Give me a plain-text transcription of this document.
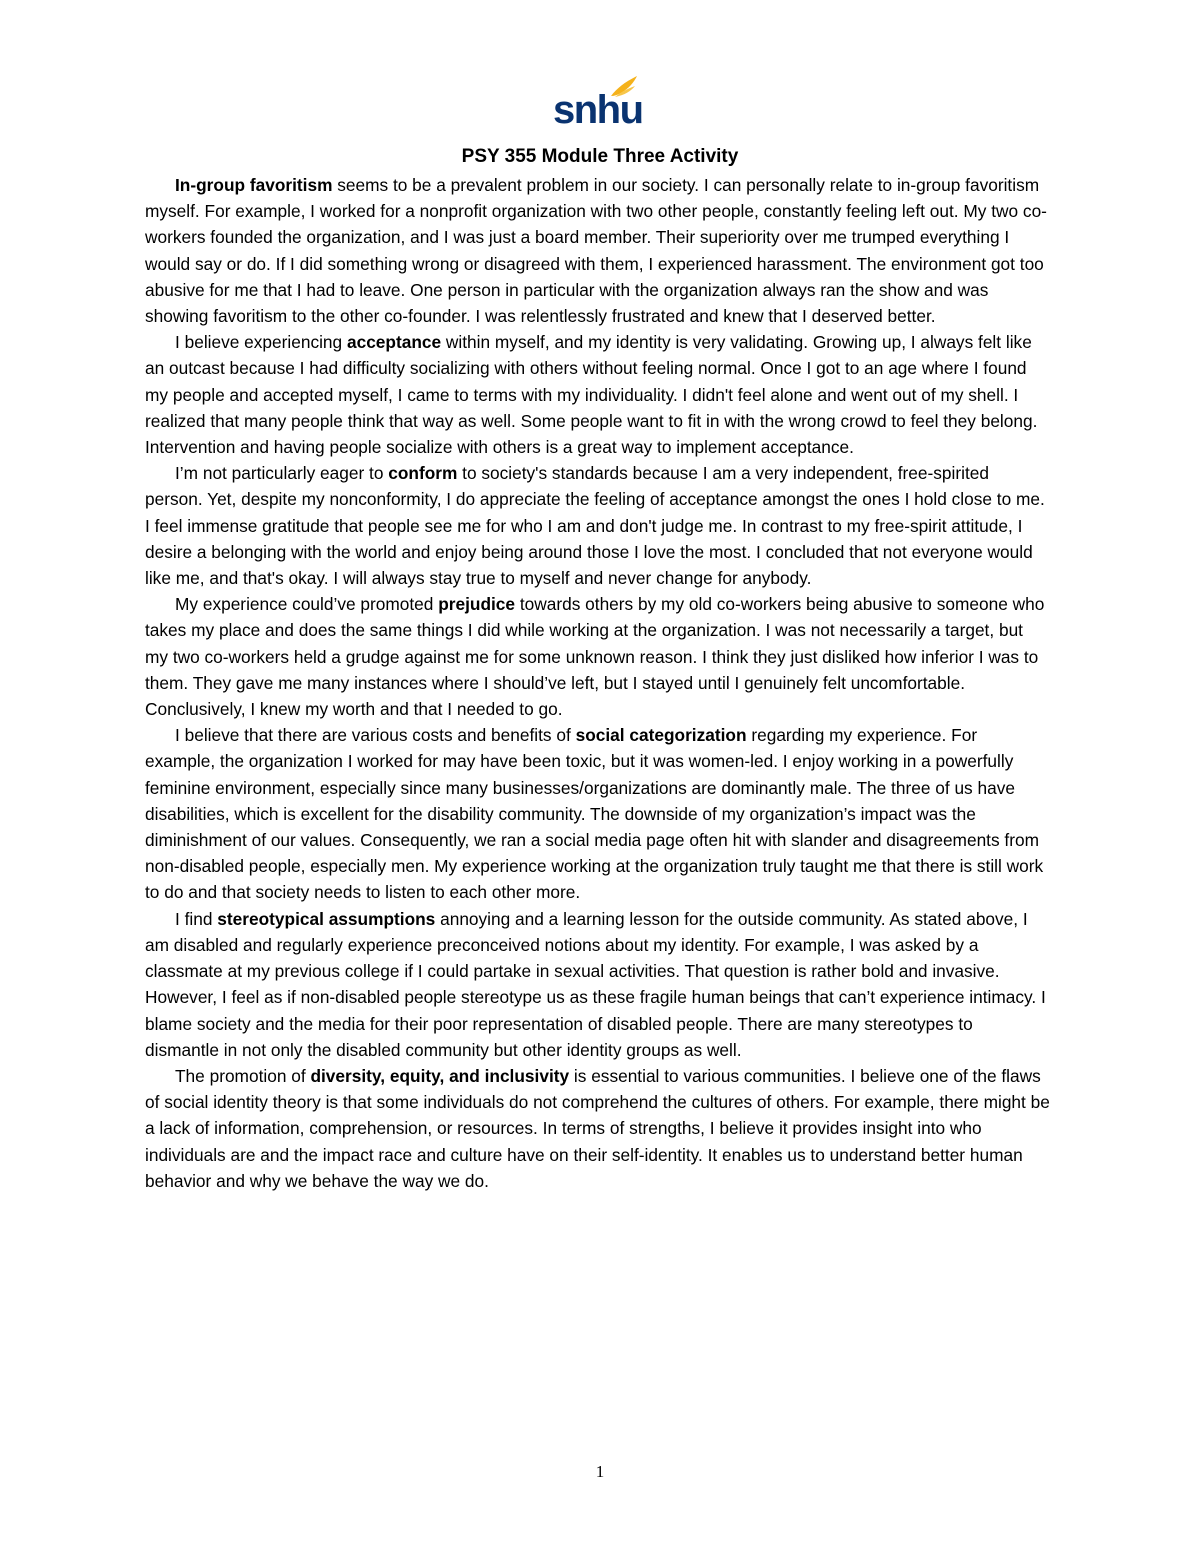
snhu
PSY 355 Module Three Activity

In-group favoritism seems to be a prevalent problem in our society. I can personally relate to in-group favoritism myself. For example, I worked for a nonprofit organization with two other people, constantly feeling left out. My two co-workers founded the organization, and I was just a board member. Their superiority over me trumped everything I would say or do. If I did something wrong or disagreed with them, I experienced harassment. The environment got too abusive for me that I had to leave. One person in particular with the organization always ran the show and was showing favoritism to the other co-founder. I was relentlessly frustrated and knew that I deserved better.

I believe experiencing acceptance within myself, and my identity is very validating. Growing up, I always felt like an outcast because I had difficulty socializing with others without feeling normal. Once I got to an age where I found my people and accepted myself, I came to terms with my individuality. I didn't feel alone and went out of my shell. I realized that many people think that way as well. Some people want to fit in with the wrong crowd to feel they belong. Intervention and having people socialize with others is a great way to implement acceptance.

I’m not particularly eager to conform to society's standards because I am a very independent, free-spirited person. Yet, despite my nonconformity, I do appreciate the feeling of acceptance amongst the ones I hold close to me. I feel immense gratitude that people see me for who I am and don't judge me. In contrast to my free-spirit attitude, I desire a belonging with the world and enjoy being around those I love the most. I concluded that not everyone would like me, and that's okay. I will always stay true to myself and never change for anybody.

My experience could’ve promoted prejudice towards others by my old co-workers being abusive to someone who takes my place and does the same things I did while working at the organization. I was not necessarily a target, but my two co-workers held a grudge against me for some unknown reason. I think they just disliked how inferior I was to them. They gave me many instances where I should’ve left, but I stayed until I genuinely felt uncomfortable. Conclusively, I knew my worth and that I needed to go.

I believe that there are various costs and benefits of social categorization regarding my experience. For example, the organization I worked for may have been toxic, but it was women-led. I enjoy working in a powerfully feminine environment, especially since many businesses/organizations are dominantly male. The three of us have disabilities, which is excellent for the disability community. The downside of my organization’s impact was the diminishment of our values. Consequently, we ran a social media page often hit with slander and disagreements from non-disabled people, especially men. My experience working at the organization truly taught me that there is still work to do and that society needs to listen to each other more.

I find stereotypical assumptions annoying and a learning lesson for the outside community. As stated above, I am disabled and regularly experience preconceived notions about my identity. For example, I was asked by a classmate at my previous college if I could partake in sexual activities. That question is rather bold and invasive. However, I feel as if non-disabled people stereotype us as these fragile human beings that can’t experience intimacy. I blame society and the media for their poor representation of disabled people. There are many stereotypes to dismantle in not only the disabled community but other identity groups as well.

The promotion of diversity, equity, and inclusivity is essential to various communities. I believe one of the flaws of social identity theory is that some individuals do not comprehend the cultures of others. For example, there might be a lack of information, comprehension, or resources. In terms of strengths, I believe it provides insight into who individuals are and the impact race and culture have on their self-identity. It enables us to understand better human behavior and why we behave the way we do.

1
